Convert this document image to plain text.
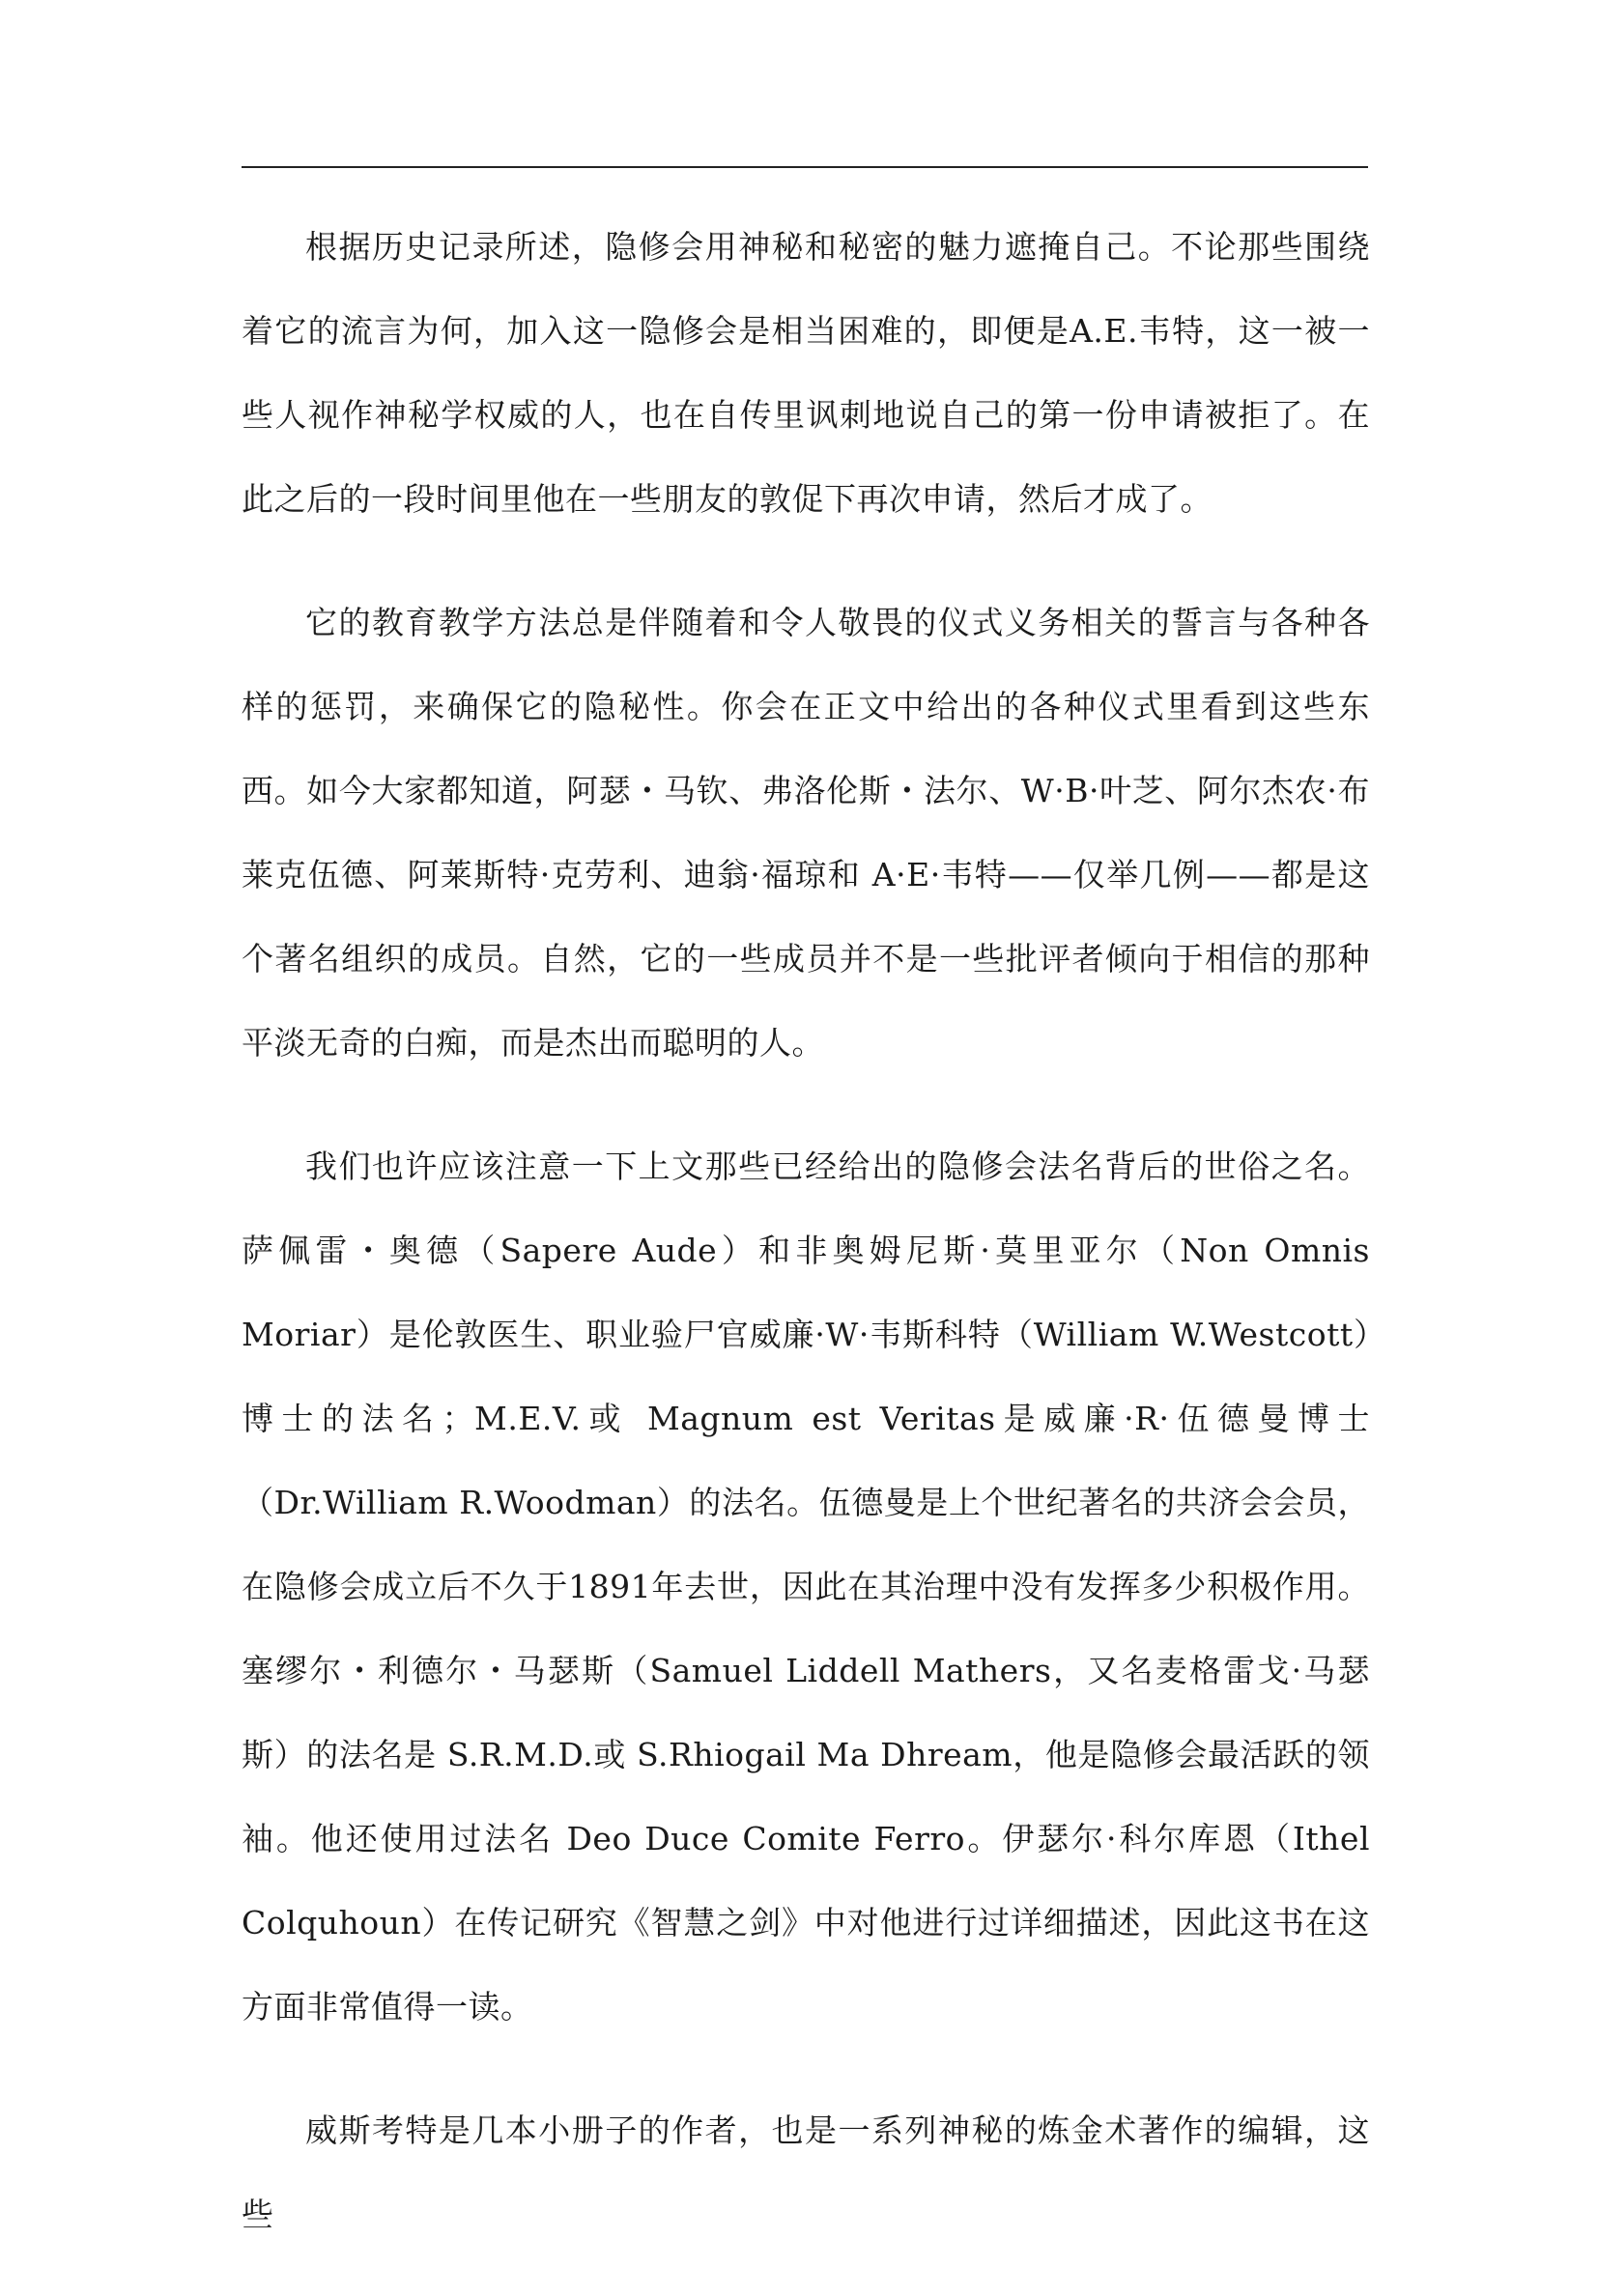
根据历史记录所述，隐修会用神秘和秘密的魅力遮掩自己。不论那些围绕着它的流言为何，加入这一隐修会是相当困难的，即便是A.E.韦特，这一被一些人视作神秘学权威的人，也在自传里讽刺地说自己的第一份申请被拒了。在此之后的一段时间里他在一些朋友的敦促下再次申请，然后才成了。

它的教育教学方法总是伴随着和令人敬畏的仪式义务相关的誓言与各种各样的惩罚，来确保它的隐秘性。你会在正文中给出的各种仪式里看到这些东西。如今大家都知道，阿瑟・马钦、弗洛伦斯・法尔、W·B·叶芝、阿尔杰农·布莱克伍德、阿莱斯特·克劳利、迪翁·福琼和 A·E·韦特——仅举几例——都是这个著名组织的成员。自然，它的一些成员并不是一些批评者倾向于相信的那种平淡无奇的白痴，而是杰出而聪明的人。

我们也许应该注意一下上文那些已经给出的隐修会法名背后的世俗之名。萨佩雷・奥德（Sapere Aude）和非奥姆尼斯·莫里亚尔（Non Omnis Moriar）是伦敦医生、职业验尸官威廉·W·韦斯科特（William W.Westcott）博士的法名；M.E.V.或 Magnum est Veritas是威廉·R·伍德曼博士（Dr.William R.Woodman）的法名。伍德曼是上个世纪著名的共济会会员，在隐修会成立后不久于1891年去世，因此在其治理中没有发挥多少积极作用。塞缪尔・利德尔・马瑟斯（Samuel Liddell Mathers，又名麦格雷戈·马瑟斯）的法名是 S.R.M.D.或 S.Rhiogail Ma Dhream，他是隐修会最活跃的领袖。他还使用过法名 Deo Duce Comite Ferro。伊瑟尔·科尔库恩（Ithel Colquhoun）在传记研究《智慧之剑》中对他进行过详细描述，因此这书在这方面非常值得一读。

威斯考特是几本小册子的作者，也是一系列神秘的炼金术著作的编辑，这些
